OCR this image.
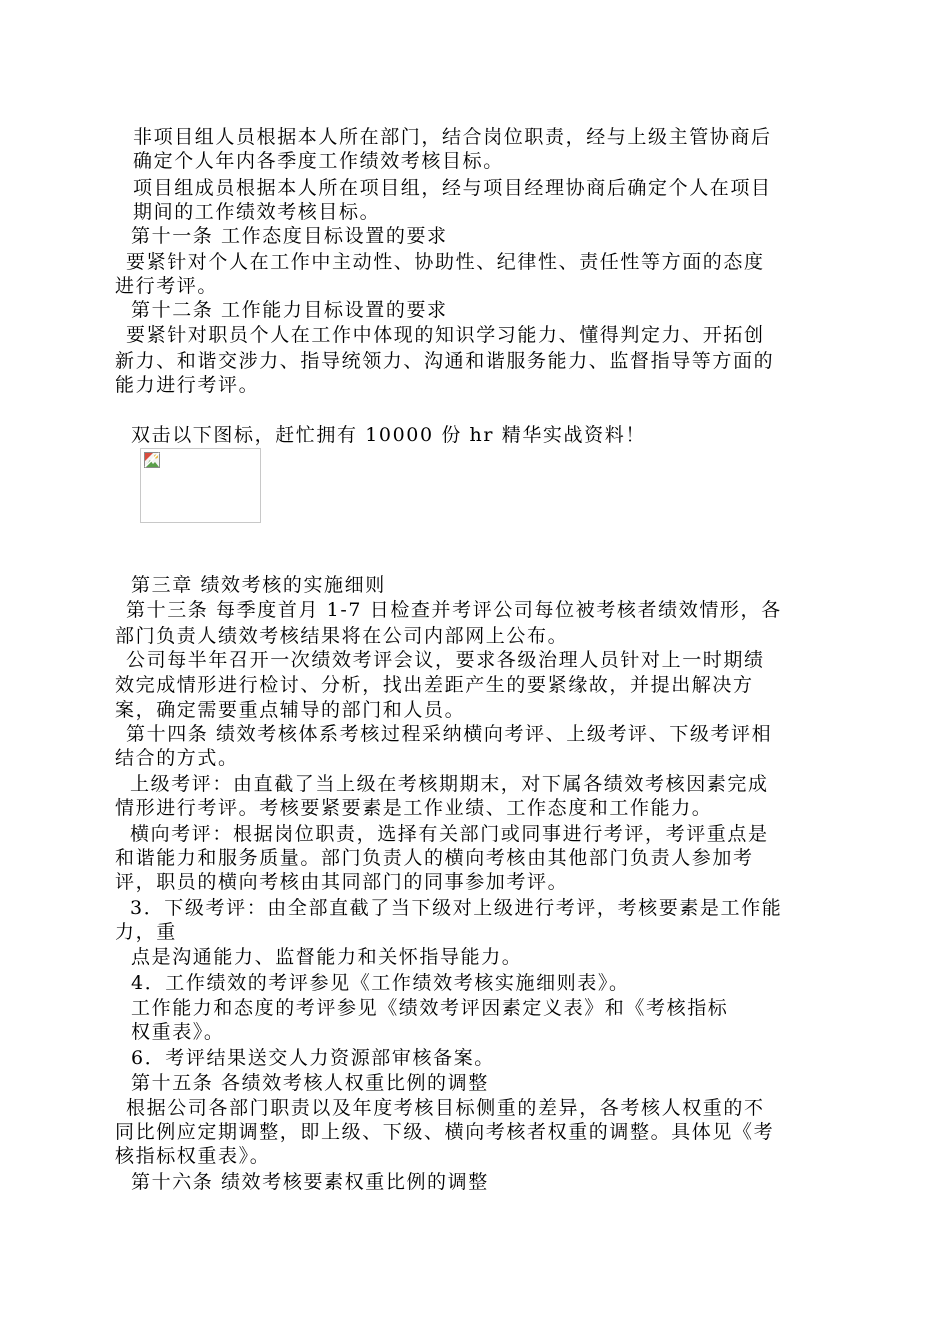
非项目组人员根据本人所在部门，结合岗位职责，经与上级主管协商后
确定个人年内各季度工作绩效考核目标。
项目组成员根据本人所在项目组，经与项目经理协商后确定个人在项目
期间的工作绩效考核目标。
第十一条 工作态度目标设置的要求
要紧针对个人在工作中主动性、协助性、纪律性、责任性等方面的态度
进行考评。
第十二条 工作能力目标设置的要求
要紧针对职员个人在工作中体现的知识学习能力、懂得判定力、开拓创
新力、和谐交涉力、指导统领力、沟通和谐服务能力、监督指导等方面的
能力进行考评。
双击以下图标，赶忙拥有 10000 份 hr 精华实战资料！
第三章 绩效考核的实施细则
第十三条 每季度首月 1-7 日检查并考评公司每位被考核者绩效情形，各
部门负责人绩效考核结果将在公司内部网上公布。
公司每半年召开一次绩效考评会议，要求各级治理人员针对上一时期绩
效完成情形进行检讨、分析，找出差距产生的要紧缘故，并提出解决方
案，确定需要重点辅导的部门和人员。
第十四条 绩效考核体系考核过程采纳横向考评、上级考评、下级考评相
结合的方式。
上级考评：由直截了当上级在考核期期末，对下属各绩效考核因素完成
情形进行考评。考核要紧要素是工作业绩、工作态度和工作能力。
横向考评：根据岗位职责，选择有关部门或同事进行考评，考评重点是
和谐能力和服务质量。部门负责人的横向考核由其他部门负责人参加考
评，职员的横向考核由其同部门的同事参加考评。
3．下级考评：由全部直截了当下级对上级进行考评，考核要素是工作能
力，重
点是沟通能力、监督能力和关怀指导能力。
4．工作绩效的考评参见《工作绩效考核实施细则表》。
工作能力和态度的考评参见《绩效考评因素定义表》和《考核指标
权重表》。
6．考评结果送交人力资源部审核备案。
第十五条 各绩效考核人权重比例的调整
根据公司各部门职责以及年度考核目标侧重的差异，各考核人权重的不
同比例应定期调整，即上级、下级、横向考核者权重的调整。具体见《考
核指标权重表》。
第十六条 绩效考核要素权重比例的调整
